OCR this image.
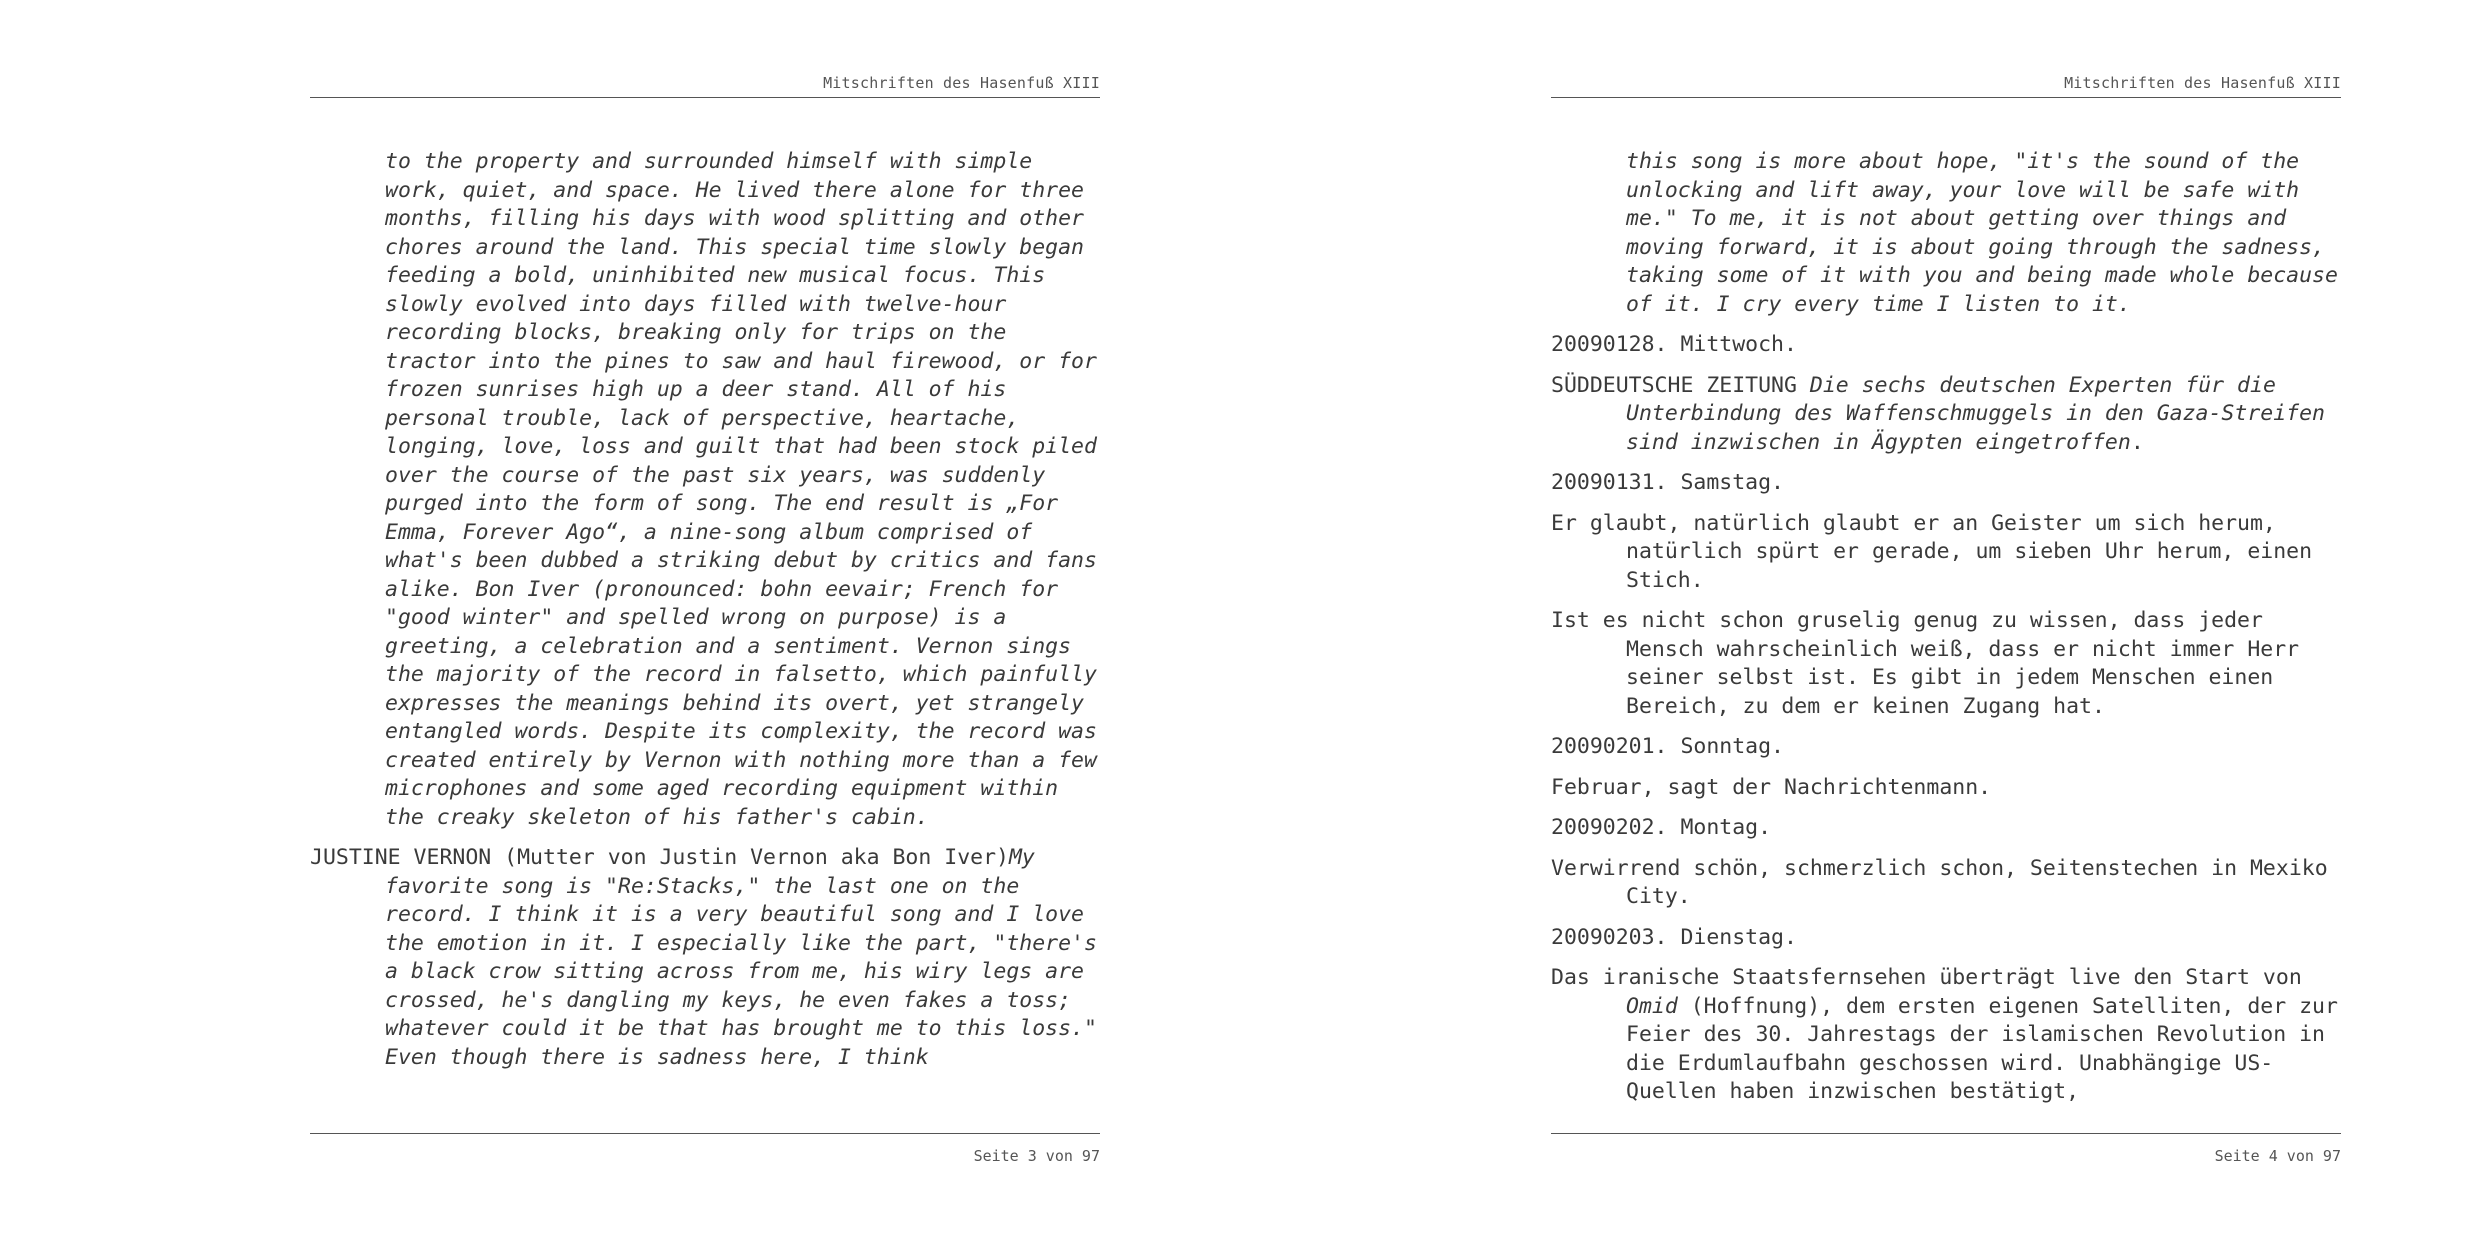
Mitschriften des Hasenfuß XIII

to the property and surrounded himself with simple work, quiet, and space. He lived there alone for three months, filling his days with wood splitting and other chores around the land. This special time slowly began feeding a bold, uninhibited new musical focus. This slowly evolved into days filled with twelve-hour recording blocks, breaking only for trips on the tractor into the pines to saw and haul firewood, or for frozen sunrises high up a deer stand. All of his personal trouble, lack of perspective, heartache, longing, love, loss and guilt that had been stock piled over the course of the past six years, was suddenly purged into the form of song. The end result is „For Emma, Forever Ago“, a nine-song album comprised of what's been dubbed a striking debut by critics and fans alike. Bon Iver (pronounced: bohn eevair; French for "good winter" and spelled wrong on purpose) is a greeting, a celebration and a sentiment. Vernon sings the majority of the record in falsetto, which painfully expresses the meanings behind its overt, yet strangely entangled words. Despite its complexity, the record was created entirely by Vernon with nothing more than a few microphones and some aged recording equipment within the creaky skeleton of his father's cabin.

JUSTINE VERNON (Mutter von Justin Vernon aka Bon Iver)My favorite song is "Re:Stacks," the last one on the record. I think it is a very beautiful song and I love the emotion in it. I especially like the part, "there's a black crow sitting across from me, his wiry legs are crossed, he's dangling my keys, he even fakes a toss; whatever could it be that has brought me to this loss." Even though there is sadness here, I think

Seite 3 von 97
Mitschriften des Hasenfuß XIII

this song is more about hope, "it's the sound of the unlocking and lift away, your love will be safe with me." To me, it is not about getting over things and moving forward, it is about going through the sadness, taking some of it with you and being made whole because of it. I cry every time I listen to it.

20090128. Mittwoch.

SÜDDEUTSCHE ZEITUNG Die sechs deutschen Experten für die Unterbindung des Waffenschmuggels in den Gaza-Streifen sind inzwischen in Ägypten eingetroffen.

20090131. Samstag.

Er glaubt, natürlich glaubt er an Geister um sich herum, natürlich spürt er gerade, um sieben Uhr herum, einen Stich.

Ist es nicht schon gruselig genug zu wissen, dass jeder Mensch wahrscheinlich weiß, dass er nicht immer Herr seiner selbst ist. Es gibt in jedem Menschen einen Bereich, zu dem er keinen Zugang hat.

20090201. Sonntag.

Februar, sagt der Nachrichtenmann.

20090202. Montag.

Verwirrend schön, schmerzlich schon, Seitenstechen in Mexiko City.

20090203. Dienstag.

Das iranische Staatsfernsehen überträgt live den Start von Omid (Hoffnung), dem ersten eigenen Satelliten, der zur Feier des 30. Jahrestags der islamischen Revolution in die Erdumlaufbahn geschossen wird. Unabhängige US-Quellen haben inzwischen bestätigt,

Seite 4 von 97
